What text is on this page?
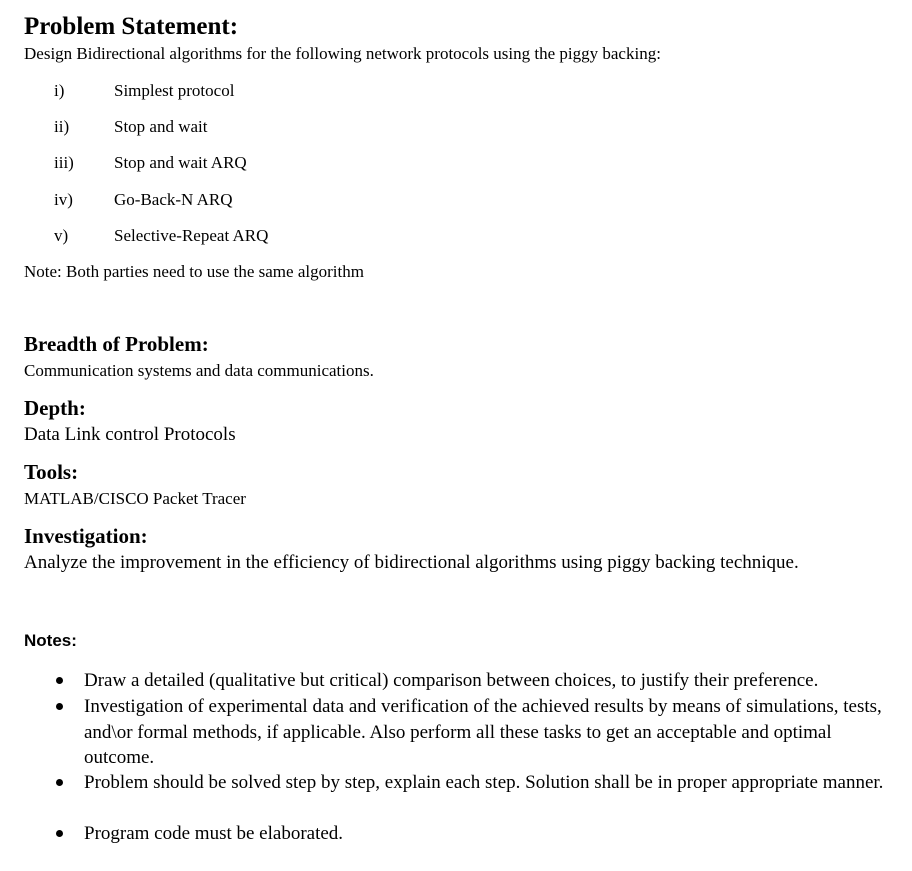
Problem Statement:
Design Bidirectional algorithms for the following network protocols using the piggy backing:
i)	Simplest protocol
ii)	Stop and wait
iii) Stop and wait ARQ
iv) Go-Back-N ARQ
v)	Selective-Repeat ARQ
Note: Both parties need to use the same algorithm
Breadth of Problem:
Communication systems and data communications.
Depth:
Data Link control Protocols
Tools:
MATLAB/CISCO Packet Tracer
Investigation:
Analyze the improvement in the efficiency of bidirectional algorithms using piggy backing technique.
Notes:
Draw a detailed (qualitative but critical) comparison between choices, to justify their preference.
Investigation of experimental data and verification of the achieved results by means of simulations, tests, and\or formal methods, if applicable. Also perform all these tasks to get an acceptable and optimal outcome.
Problem should be solved step by step, explain each step. Solution shall be in proper appropriate manner.
Program code must be elaborated.
